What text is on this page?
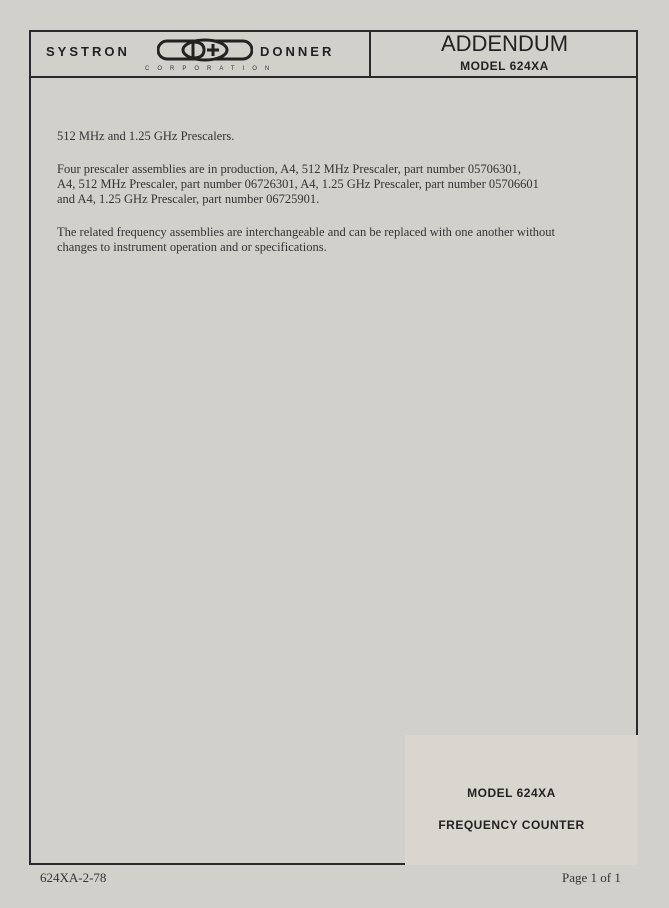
SYSTRON	DONNER
CORPORATION
ADDENDUM
MODEL 624XA
512 MHz and 1.25 GHz Prescalers.
Four prescaler assemblies are in production, A4, 512 MHz Prescaler, part number 05706301,
A4, 512 MHz Prescaler, part number 06726301, A4, 1.25 GHz Prescaler, part number 05706601
and A4, 1.25 GHz Prescaler, part number 06725901.
The related frequency assemblies are interchangeable and can be replaced with one another without
changes to instrument operation and or specifications.
MODEL 624XA
FREQUENCY COUNTER
624XA-2-78	Page 1 of 1
